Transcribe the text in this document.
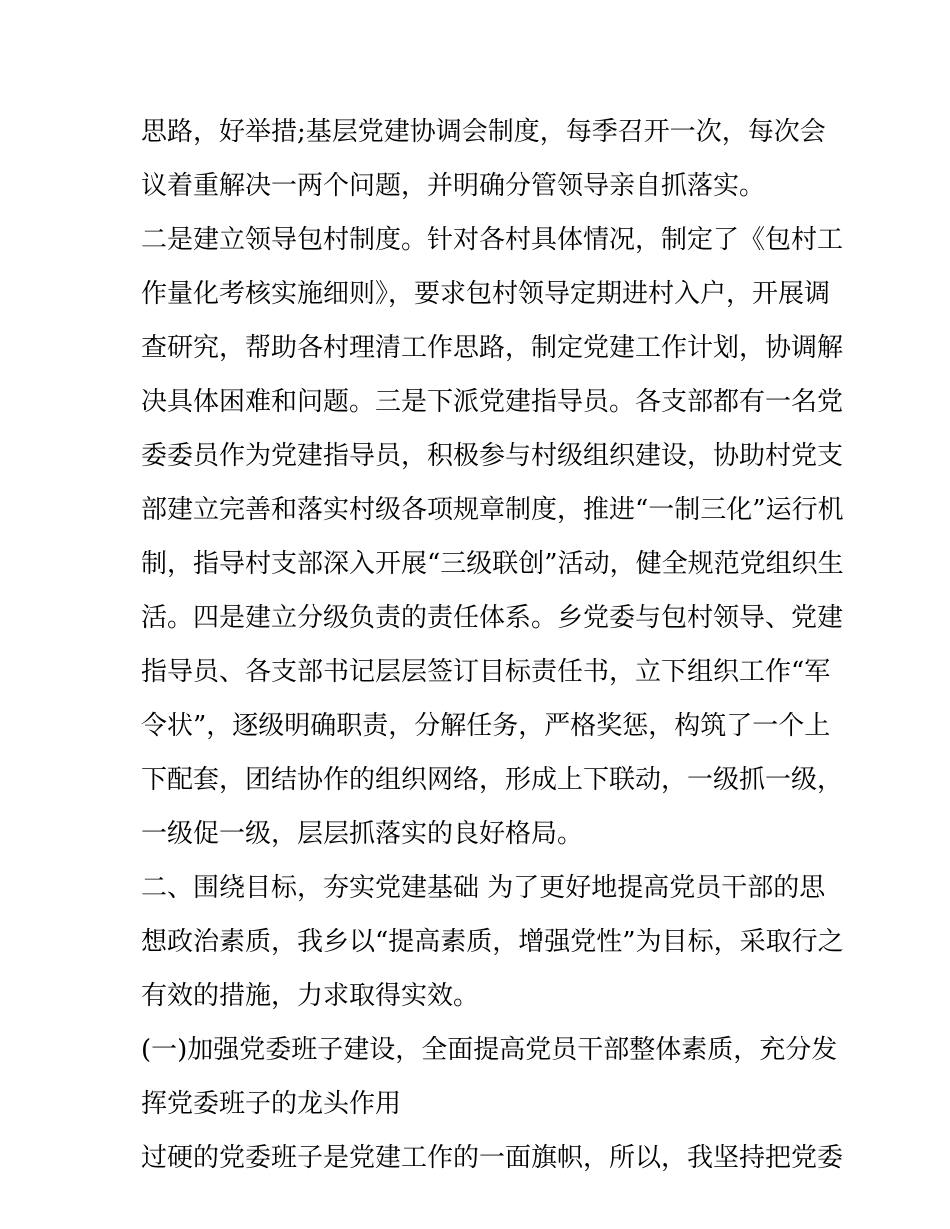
思路，好举措;基层党建协调会制度，每季召开一次，每次会
议着重解决一两个问题，并明确分管领导亲自抓落实。
二是建立领导包村制度。针对各村具体情况，制定了《包村工
作量化考核实施细则》，要求包村领导定期进村入户，开展调
查研究，帮助各村理清工作思路，制定党建工作计划，协调解
决具体困难和问题。三是下派党建指导员。各支部都有一名党
委委员作为党建指导员，积极参与村级组织建设，协助村党支
部建立完善和落实村级各项规章制度，推进“一制三化”运行机
制，指导村支部深入开展“三级联创”活动，健全规范党组织生
活。四是建立分级负责的责任体系。乡党委与包村领导、党建
指导员、各支部书记层层签订目标责任书，立下组织工作“军
令状”，逐级明确职责，分解任务，严格奖惩，构筑了一个上
下配套，团结协作的组织网络，形成上下联动，一级抓一级，
一级促一级，层层抓落实的良好格局。
二、围绕目标，夯实党建基础 为了更好地提高党员干部的思
想政治素质，我乡以“提高素质，增强党性”为目标，采取行之
有效的措施，力求取得实效。
(一)加强党委班子建设，全面提高党员干部整体素质，充分发
挥党委班子的龙头作用
过硬的党委班子是党建工作的一面旗帜，所以，我坚持把党委
